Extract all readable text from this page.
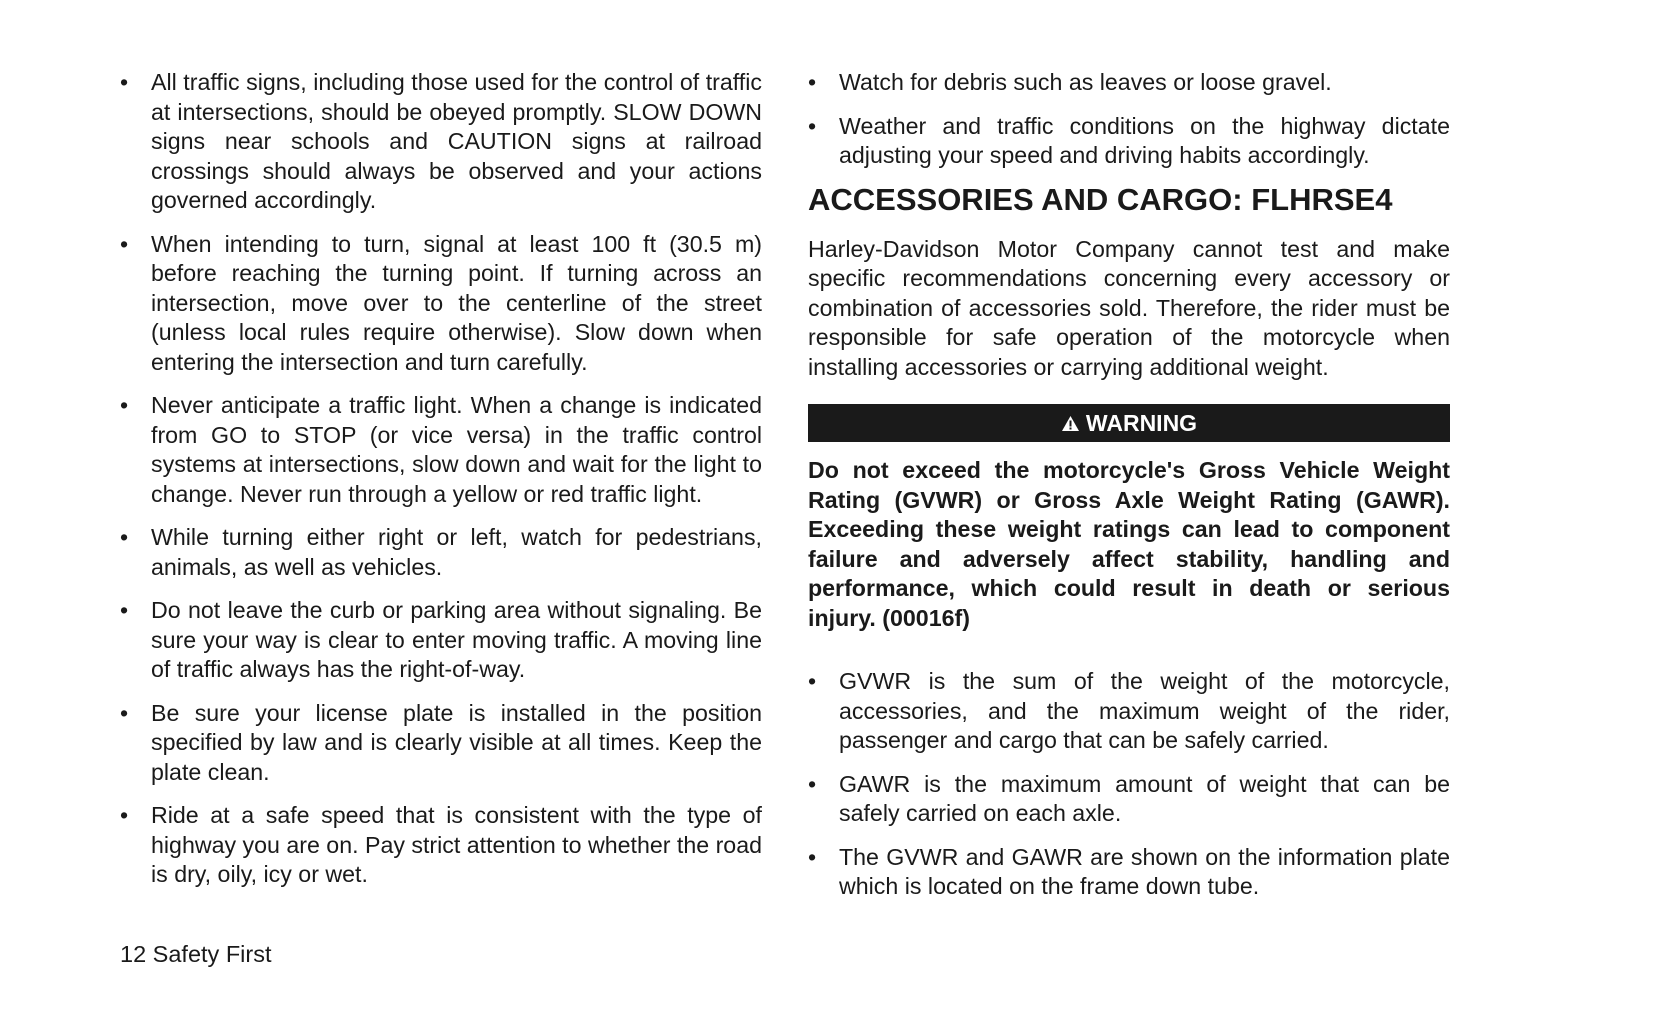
• All traffic signs, including those used for the control of traffic at intersections, should be obeyed promptly. SLOW DOWN signs near schools and CAUTION signs at railroad crossings should always be observed and your actions governed accordingly.
• When intending to turn, signal at least 100 ft (30.5 m) before reaching the turning point. If turning across an intersection, move over to the centerline of the street (unless local rules require otherwise). Slow down when entering the intersection and turn carefully.
• Never anticipate a traffic light. When a change is indicated from GO to STOP (or vice versa) in the traffic control systems at intersections, slow down and wait for the light to change. Never run through a yellow or red traffic light.
• While turning either right or left, watch for pedestrians, animals, as well as vehicles.
• Do not leave the curb or parking area without signaling. Be sure your way is clear to enter moving traffic. A moving line of traffic always has the right-of-way.
• Be sure your license plate is installed in the position specified by law and is clearly visible at all times. Keep the plate clean.
• Ride at a safe speed that is consistent with the type of highway you are on. Pay strict attention to whether the road is dry, oily, icy or wet.
• Watch for debris such as leaves or loose gravel.
• Weather and traffic conditions on the highway dictate adjusting your speed and driving habits accordingly.
ACCESSORIES AND CARGO: FLHRSE4

Harley-Davidson Motor Company cannot test and make specific recommendations concerning every accessory or combination of accessories sold. Therefore, the rider must be responsible for safe operation of the motorcycle when installing accessories or carrying additional weight.

WARNING

Do not exceed the motorcycle's Gross Vehicle Weight Rating (GVWR) or Gross Axle Weight Rating (GAWR). Exceeding these weight ratings can lead to component failure and adversely affect stability, handling and performance, which could result in death or serious injury. (00016f)

• GVWR is the sum of the weight of the motorcycle, accessories, and the maximum weight of the rider, passenger and cargo that can be safely carried.
• GAWR is the maximum amount of weight that can be safely carried on each axle.
• The GVWR and GAWR are shown on the information plate which is located on the frame down tube.
12 Safety First
